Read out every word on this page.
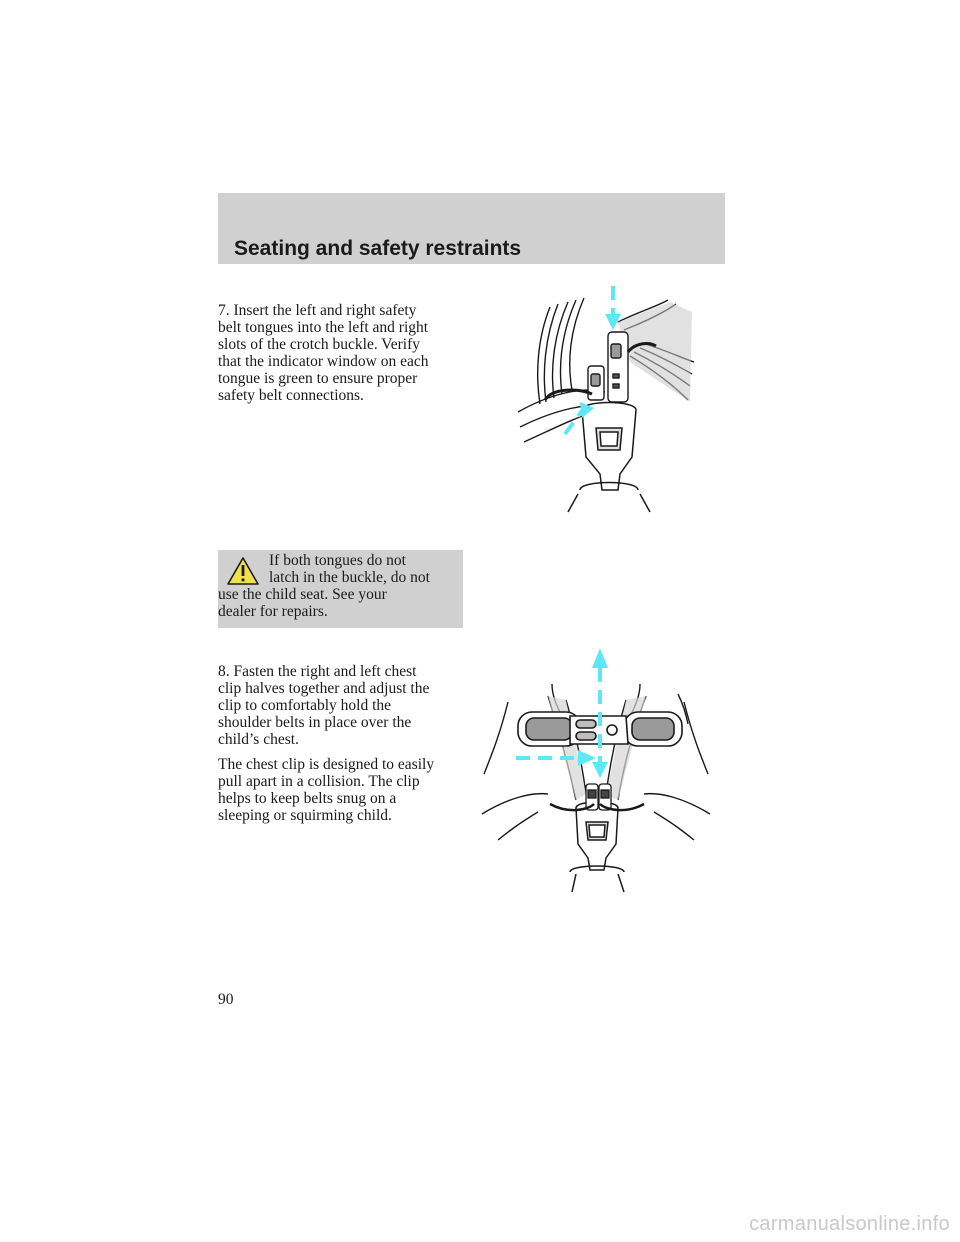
Seating and safety restraints

7. Insert the left and right safety

belt tongues into the left and right

slots of the crotch buckle. Verify

that the indicator window on each

tongue is green to ensure proper

safety belt connections.

If both tongues do not

latch in the buckle, do not

use the child seat. See your

dealer for repairs.

8. Fasten the right and left chest

clip halves together and adjust the

clip to comfortably hold the

shoulder belts in place over the

child’s chest.

The chest clip is designed to easily

pull apart in a collision. The clip

helps to keep belts snug on a

sleeping or squirming child.

90

carmanualsonline.info
